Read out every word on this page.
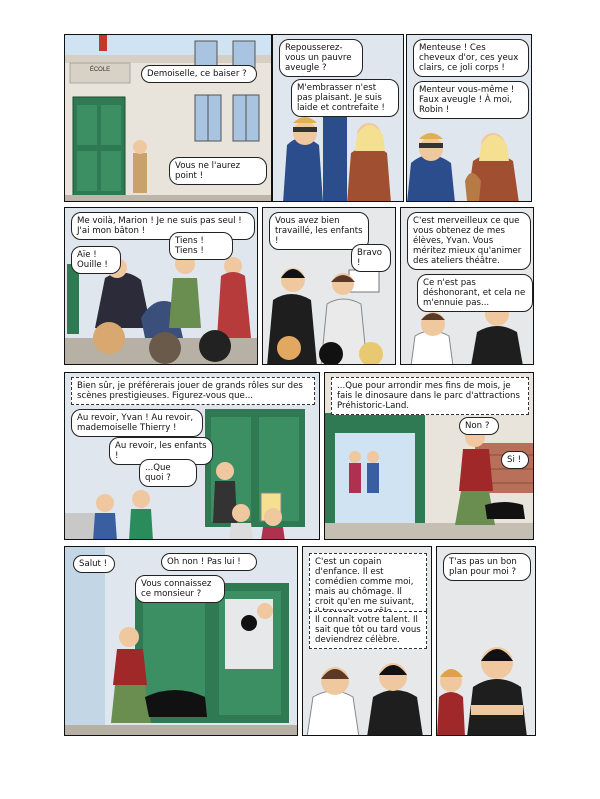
ÉCOLE	Demoiselle, ce baiser ?
Vous ne l'aurez point !
Repousserez-vous un pauvre aveugle ?
M'embrasser n'est pas plaisant. Je suis laide et contrefaite !
Menteuse ! Ces cheveux d'or, ces yeux clairs, ce joli corps !
Menteur vous-même ! Faux aveugle ! À moi, Robin !
Me voilà, Marion ! Je ne suis pas seul ! J'ai mon bâton !
Tiens ! Tiens !
Aïe ! Ouille !
Vous avez bien travaillé, les enfants !
Bravo !
C'est merveilleux ce que vous obtenez de mes élèves, Yvan. Vous méritez mieux qu'animer des ateliers théâtre.
Ce n'est pas déshonorant, et cela ne m'ennuie pas...
Bien sûr, je préférerais jouer de grands rôles sur des scènes prestigieuses. Figurez-vous que...
Au revoir, Yvan ! Au revoir, mademoiselle Thierry !
Au revoir, les enfants !
...Que quoi ?
...Que pour arrondir mes fins de mois, je fais le dinosaure dans le parc d'attractions Préhistoric-Land.
Non ?
Si !
Salut !	Oh non ! Pas lui !
Vous connaissez ce monsieur ?
C'est un copain d'enfance. Il est comédien comme moi, mais au chômage. Il croit qu'en me suivant,
Il connaît votre talent. Il sait que tôt ou tard vous deviendrez célèbre.
T'as pas un bon plan pour moi ?
